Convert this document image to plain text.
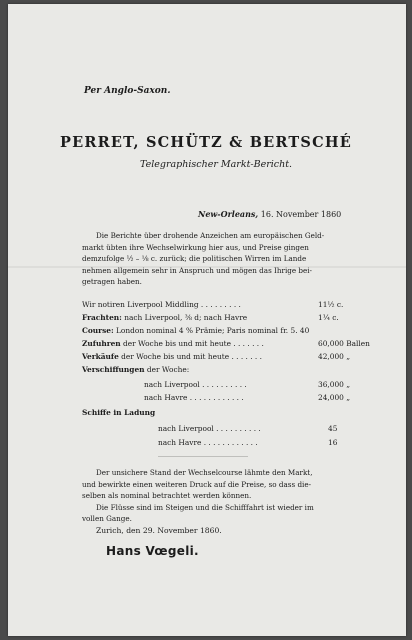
Per Anglo-Saxon.
PERRET, SCHÜTZ & BERTSCHÉ
Telegraphischer Markt-Bericht.
New-Orleans, 16. November 1860
Die Berichte über drohende Anzeichen am europäischen Geld-
markt übten ihre Wechselwirkung hier aus, und Preise gingen
demzufolge ½ – ⅛ c. zurück; die politischen Wirren im Lande
nehmen allgemein sehr in Anspruch und mögen das Ihrige bei-
getragen haben.
Wir notiren Liverpool Middling . . . . . . . . .	11½ c.
Frachten: nach Liverpool, ⅜ d; nach Havre	1¼ c.
Course: London nominal 4 % Prämie; Paris nominal fr. 5. 40
Zufuhren der Woche bis und mit heute . . . . . . .	60,000 Ballen
Verkäufe der Woche bis und mit heute . . . . . . .	42,000 „
Verschiffungen der Woche:
nach Liverpool . . . . . . . . . .	36,000 „
nach Havre . . . . . . . . . . . .	24,000 „
Schiffe in Ladung
nach Liverpool . . . . . . . . . .	45
nach Havre . . . . . . . . . . . .	16
Der unsichere Stand der Wechselcourse lähmte den Markt,
und bewirkte einen weiteren Druck auf die Preise, so dass die-
selben als nominal betrachtet werden können.
Die Flüsse sind im Steigen und die Schifffahrt ist wieder im
vollen Gange.
Zurich, den 29. November 1860.
Hans Vœgeli.
